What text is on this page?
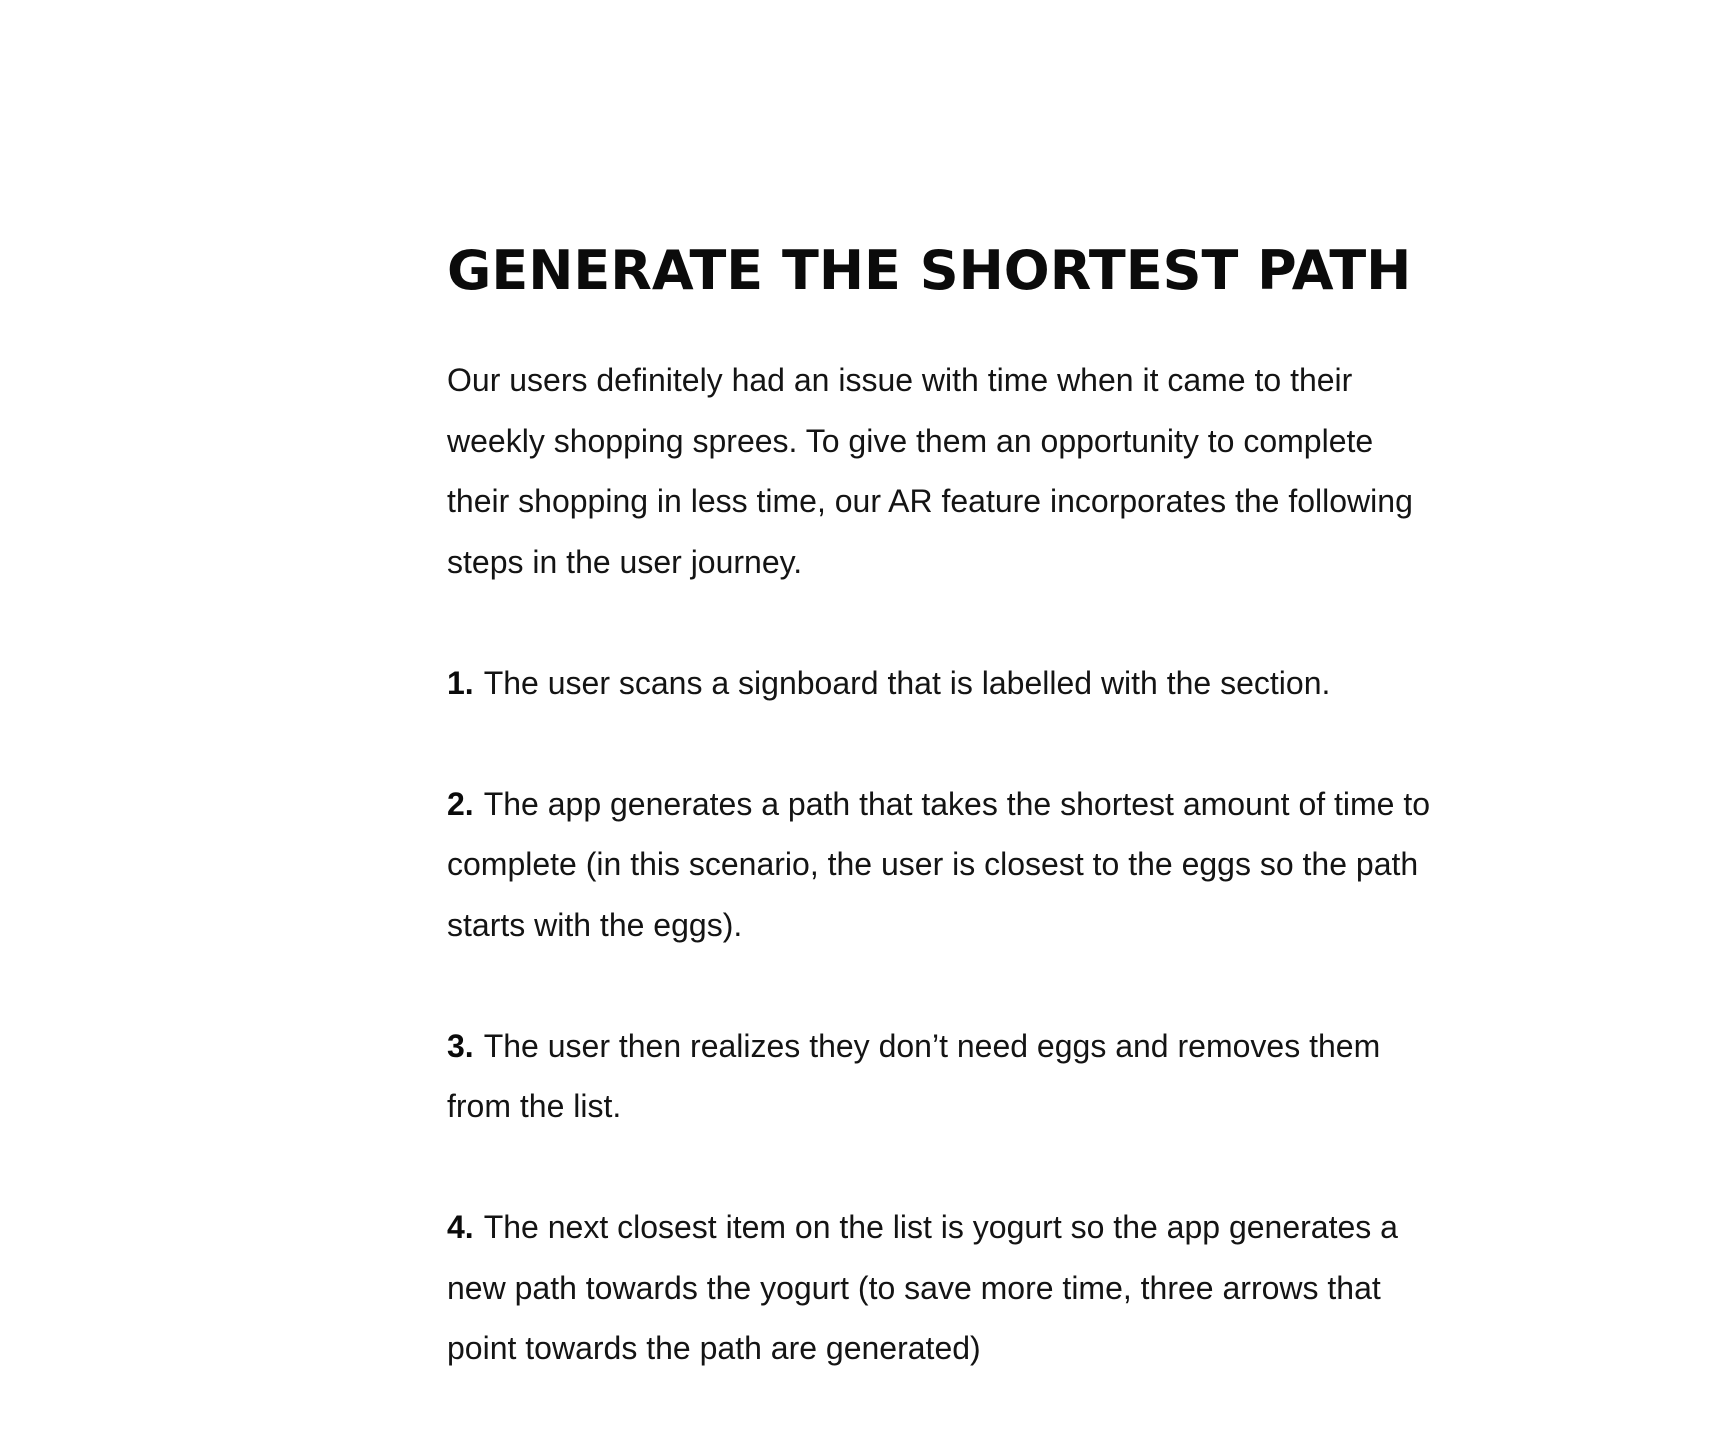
GENERATE THE SHORTEST PATH

Our users definitely had an issue with time when it came to their weekly shopping sprees. To give them an opportunity to complete their shopping in less time, our AR feature incorporates the following steps in the user journey.

1. The user scans a signboard that is labelled with the section.

2. The app generates a path that takes the shortest amount of time to complete (in this scenario, the user is closest to the eggs so the path starts with the eggs).

3. The user then realizes they don’t need eggs and removes them from the list.

4. The next closest item on the list is yogurt so the app generates a new path towards the yogurt (to save more time, three arrows that point towards the path are generated)
